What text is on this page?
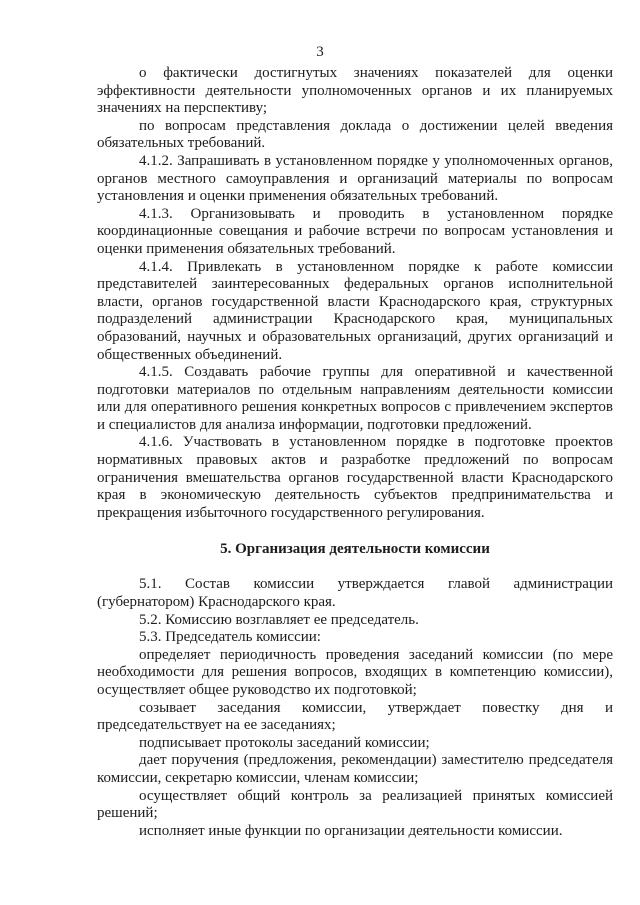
3

о фактически достигнутых значениях показателей для оценки эффективности деятельности уполномоченных органов и их планируемых значениях на перспективу;

по вопросам представления доклада о достижении целей введения обязательных требований.

4.1.2. Запрашивать в установленном порядке у уполномоченных органов, органов местного самоуправления и организаций материалы по вопросам установления и оценки применения обязательных требований.

4.1.3. Организовывать и проводить в установленном порядке координационные совещания и рабочие встречи по вопросам установления и оценки применения обязательных требований.

4.1.4. Привлекать в установленном порядке к работе комиссии представителей заинтересованных федеральных органов исполнительной власти, органов государственной власти Краснодарского края, структурных подразделений администрации Краснодарского края, муниципальных образований, научных и образовательных организаций, других организаций и общественных объединений.

4.1.5. Создавать рабочие группы для оперативной и качественной подготовки материалов по отдельным направлениям деятельности комиссии или для оперативного решения конкретных вопросов с привлечением экспертов и специалистов для анализа информации, подготовки предложений.

4.1.6. Участвовать в установленном порядке в подготовке проектов нормативных правовых актов и разработке предложений по вопросам ограничения вмешательства органов государственной власти Краснодарского края в экономическую деятельность субъектов предпринимательства и прекращения избыточного государственного регулирования.

5. Организация деятельности комиссии

5.1. Состав комиссии утверждается главой администрации (губернатором) Краснодарского края.

5.2. Комиссию возглавляет ее председатель.

5.3. Председатель комиссии:

определяет периодичность проведения заседаний комиссии (по мере необходимости для решения вопросов, входящих в компетенцию комиссии), осуществляет общее руководство их подготовкой;

созывает заседания комиссии, утверждает повестку дня и председательствует на ее заседаниях;

подписывает протоколы заседаний комиссии;

дает поручения (предложения, рекомендации) заместителю председателя комиссии, секретарю комиссии, членам комиссии;

осуществляет общий контроль за реализацией принятых комиссией решений;

исполняет иные функции по организации деятельности комиссии.
